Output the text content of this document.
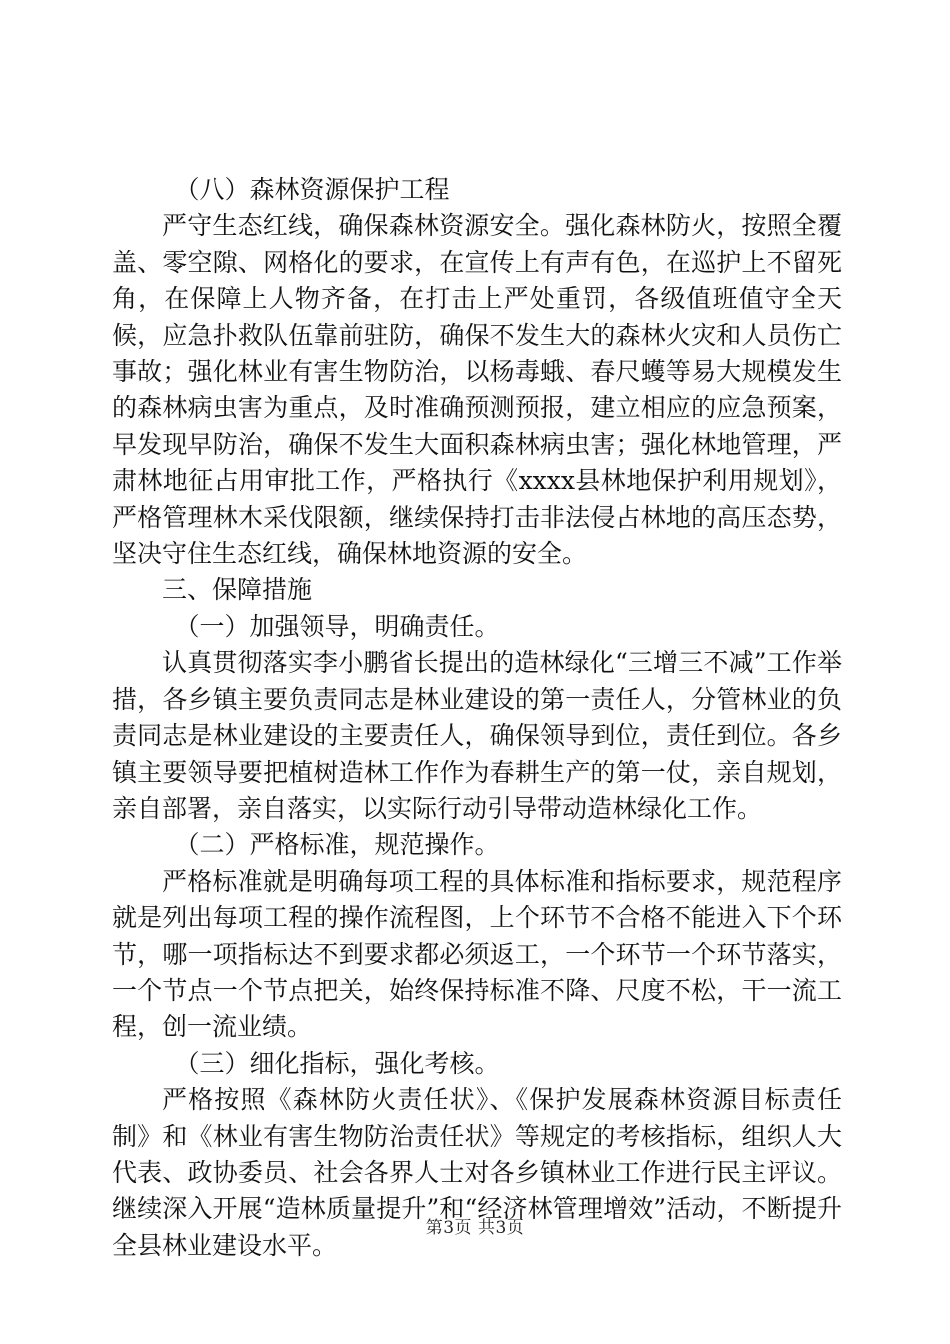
（八）森林资源保护工程

严守生态红线，确保森林资源安全。强化森林防火，按照全覆盖、零空隙、网格化的要求，在宣传上有声有色，在巡护上不留死角，在保障上人物齐备，在打击上严处重罚，各级值班值守全天候，应急扑救队伍靠前驻防，确保不发生大的森林火灾和人员伤亡事故；强化林业有害生物防治，以杨毒蛾、春尺蠖等易大规模发生的森林病虫害为重点，及时准确预测预报，建立相应的应急预案，早发现早防治，确保不发生大面积森林病虫害；强化林地管理，严肃林地征占用审批工作，严格执行《xxxx县林地保护利用规划》，严格管理林木采伐限额，继续保持打击非法侵占林地的高压态势，坚决守住生态红线，确保林地资源的安全。

三、保障措施

（一）加强领导，明确责任。

认真贯彻落实李小鹏省长提出的造林绿化“三增三不减”工作举措，各乡镇主要负责同志是林业建设的第一责任人，分管林业的负责同志是林业建设的主要责任人，确保领导到位，责任到位。各乡镇主要领导要把植树造林工作作为春耕生产的第一仗，亲自规划，亲自部署，亲自落实，以实际行动引导带动造林绿化工作。

（二）严格标准，规范操作。

严格标准就是明确每项工程的具体标准和指标要求，规范程序就是列出每项工程的操作流程图，上个环节不合格不能进入下个环节，哪一项指标达不到要求都必须返工，一个环节一个环节落实，一个节点一个节点把关，始终保持标准不降、尺度不松，干一流工程，创一流业绩。

（三）细化指标，强化考核。

严格按照《森林防火责任状》、《保护发展森林资源目标责任制》和《林业有害生物防治责任状》等规定的考核指标，组织人大代表、政协委员、社会各界人士对各乡镇林业工作进行民主评议。继续深入开展“造林质量提升”和“经济林管理增效”活动，不断提升全县林业建设水平。

第3页 共3页
